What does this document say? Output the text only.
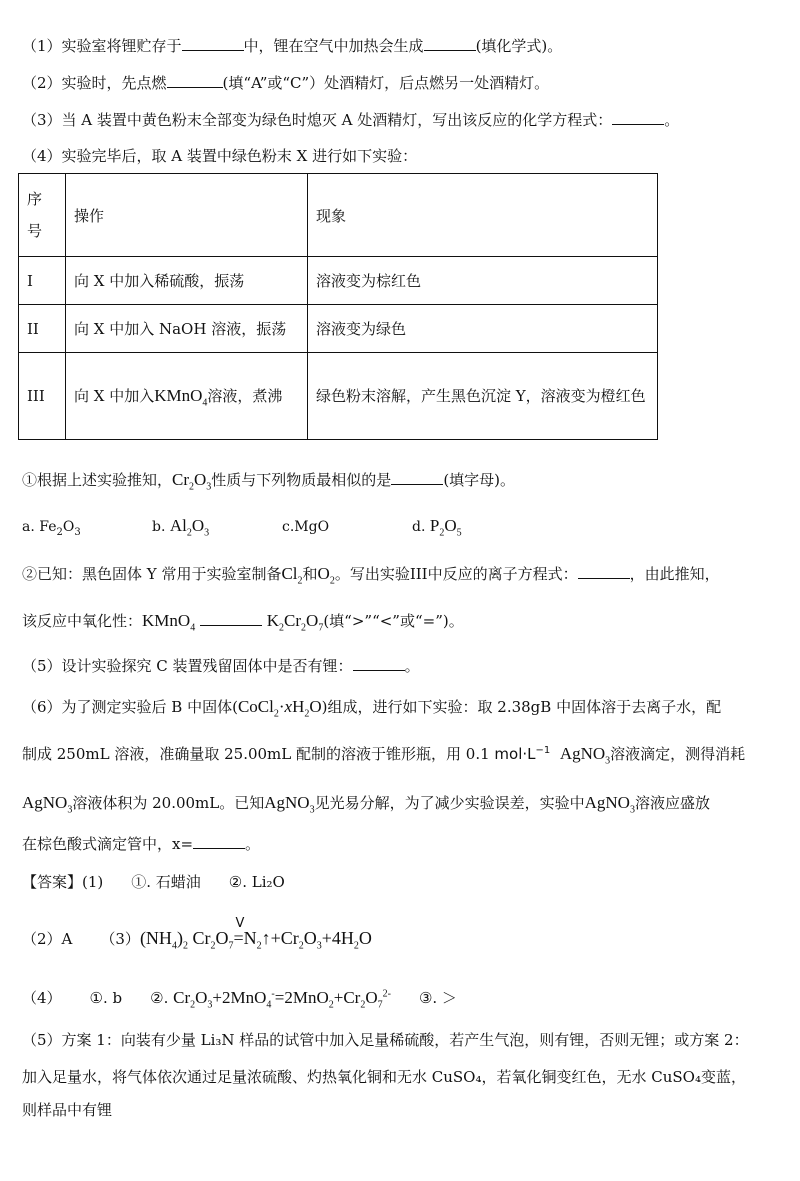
（1）实验室将锂贮存于	中，锂在空气中加热会生成	(填化学式)。
（2）实验时，先点燃	(填“A”或“C”）处酒精灯，后点燃另一处酒精灯。
（3）当 A 装置中黄色粉末全部变为绿色时熄灭 A 处酒精灯，写出该反应的化学方程式：	。
（4）实验完毕后，取 A 装置中绿色粉末 X 进行如下实验：
序号	操作	现象
I	向 X 中加入稀硫酸，振荡	溶液变为棕红色
II	向 X 中加入 NaOH 溶液，振荡	溶液变为绿色
III	向 X 中加入KMnO$_4$溶液，煮沸	绿色粉末溶解，产生黑色沉淀 Y，溶液变为橙红色
①根据上述实验推知，$Cr_2O_3$性质与下列物质最相似的是	(填字母)。
a. $Fe_2O_3$	b. $Al_2O_3$	c.MgO	d. $P_2O_5$
②已知：黑色固体 Y 常用于实验室制备$Cl_2$和$O_2$。写出实验III中反应的离子方程式：	，由此推知，
该反应中氧化性：KMnO$_4$	$K_2Cr_2O_7$(填“>”“<”或“=”)。
（5）设计实验探究 C 装置残留固体中是否有锂：	。
（6）为了测定实验后 B 中固体$(CoCl_2\cdot xH_2O)$组成，进行如下实验：取 2.38gB 中固体溶于去离子水，配
制成 250mL 溶液，准确量取 25.00mL 配制的溶液于锥形瓶，用 0.1 $mol\cdot L^{-1}$ AgNO$_3$溶液滴定，测得消耗
AgNO$_3$溶液体积为 20.00mL。已知AgNO$_3$见光易分解，为了减少实验误差，实验中AgNO$_3$溶液应盛放
在棕色酸式滴定管中，x=	。
【答案】(1) ①. 石蜡油 ②. Li₂O
（2）A $(3)(NH_4)_2$ $Cr_2O_7=$
V
$N_2↑+Cr_2O_3+4H_2O$
（4） ①. b ②. $Cr_2O_3+2MnO_4^-=2MnO_2+Cr_2O_7^{2-}$ ③. ＞
（5）方案 1：向装有少量 Li₃N 样品的试管中加入足量稀硫酸，若产生气泡，则有锂，否则无锂；或方案 2：
加入足量水，将气体依次通过足量浓硫酸、灼热氧化铜和无水 CuSO₄，若氧化铜变红色，无水 CuSO₄变蓝，
则样品中有锂
